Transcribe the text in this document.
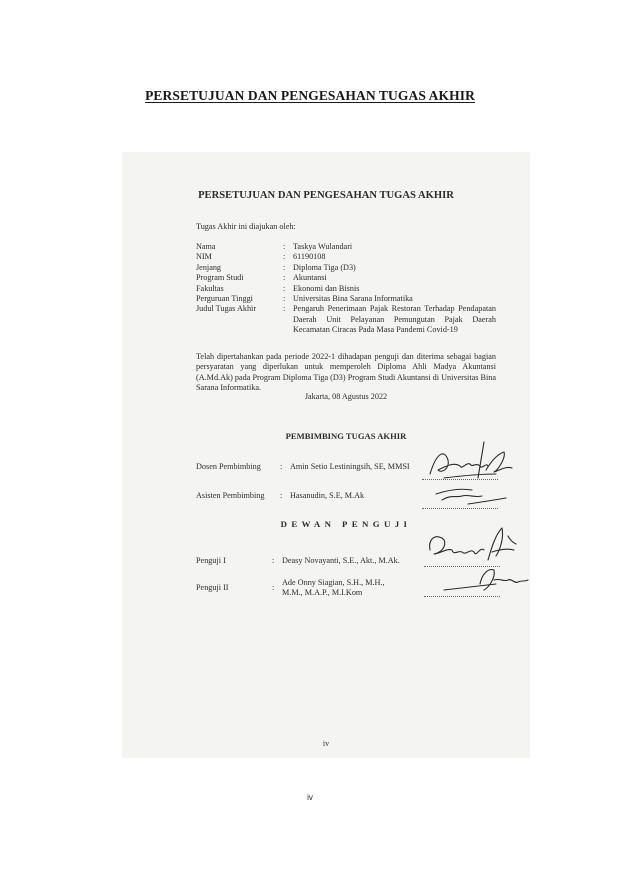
PERSETUJUAN DAN PENGESAHAN TUGAS AKHIR
PERSETUJUAN DAN PENGESAHAN TUGAS AKHIR
Tugas Akhir ini diajukan oleh:
Nama	: Taskya Wulandari
NIM	: 61190108
Jenjang	: Diploma Tiga (D3)
Program Studi	: Akuntansi
Fakultas	: Ekonomi dan Bisnis
Perguruan Tinggi	: Universitas Bina Sarana Informatika
Judul Tugas Akhir	: Pengaruh Penerimaan Pajak Restoran Terhadap Pendapatan Daerah Unit Pelayanan Pemungutan Pajak Daerah Kecamatan Ciracas Pada Masa Pandemi Covid-19
Telah dipertahankan pada periode 2022-1 dihadapan penguji dan diterima sebagai bagian persyaratan yang diperlukan untuk memperoleh Diploma Ahli Madya Akuntansi (A.Md.Ak) pada Program Diploma Tiga (D3) Program Studi Akuntansi di Universitas Bina Sarana Informatika.
Jakarta, 08 Agustus 2022
PEMBIMBING TUGAS AKHIR
Dosen Pembimbing	: Amin Setio Lestiningsih, SE, MMSI
Asisten Pembimbing	: Hasanudin, S.E, M.Ak
DEWAN PENGUJI
Penguji I	: Deasy Novayanti, S.E., Akt., M.Ak.
Penguji II	:
Ade Onny Siagian, S.H., M.H., M.M., M.A.P., M.I.Kom
iv
iv
